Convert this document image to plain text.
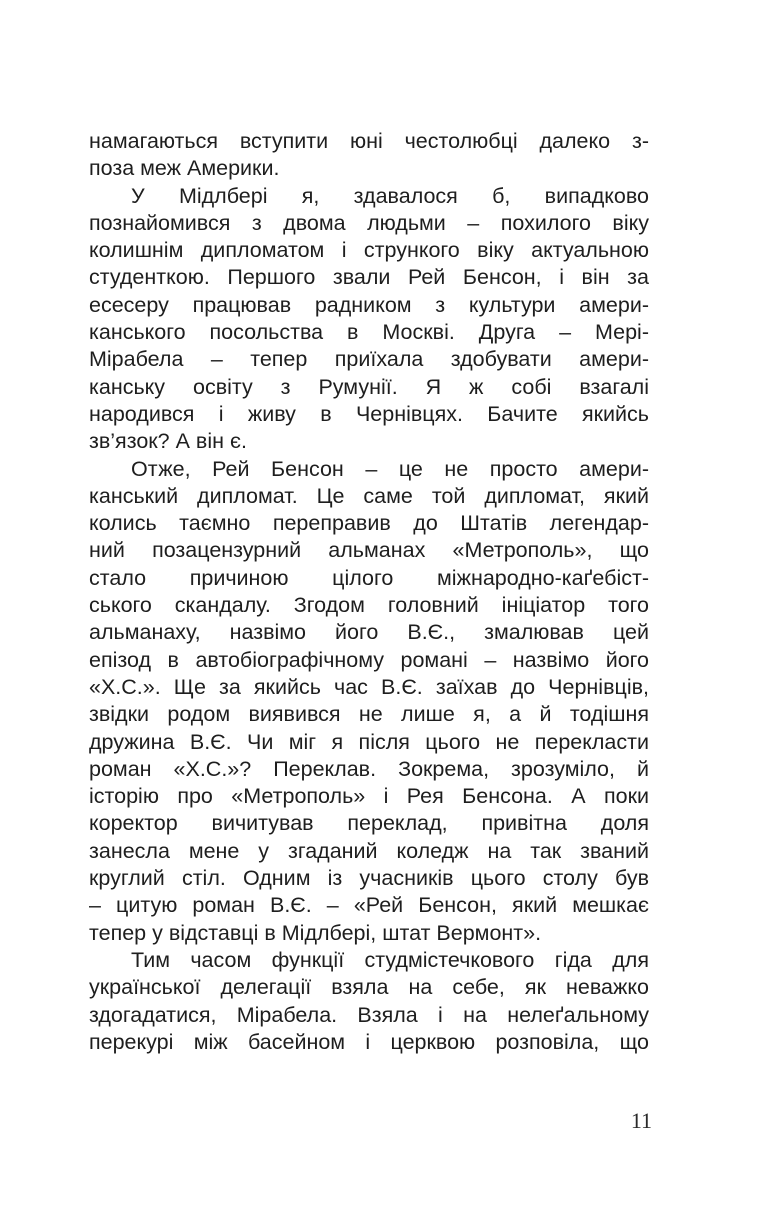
намагаються вступити юні честолюбці далеко з-
поза меж Америки.
У Мідлбері я, здавалося б, випадково
познайомився з двома людьми – похилого віку
колишнім дипломатом і стрункого віку актуальною
студенткою. Першого звали Рей Бенсон, і він за
есесеру працював радником з культури амери-
канського посольства в Москві. Друга – Мері-
Мірабела – тепер приїхала здобувати амери-
канську освіту з Румунії. Я ж собі взагалі
народився і живу в Чернівцях. Бачите якийсь
зв’язок? А він є.
Отже, Рей Бенсон – це не просто амери-
канський дипломат. Це саме той дипломат, який
колись таємно переправив до Штатів легендар-
ний позацензурний альманах «Метрополь», що
стало причиною цілого міжнародно-каґебіст-
ського скандалу. Згодом головний ініціатор того
альманаху, назвімо його В.Є., змалював цей
епізод в автобіографічному романі – назвімо його
«Х.С.». Ще за якийсь час В.Є. заїхав до Чернівців,
звідки родом виявився не лише я, а й тодішня
дружина В.Є. Чи міг я після цього не перекласти
роман «Х.С.»? Переклав. Зокрема, зрозуміло, й
історію про «Метрополь» і Рея Бенсона. А поки
коректор вичитував переклад, привітна доля
занесла мене у згаданий коледж на так званий
круглий стіл. Одним із учасників цього столу був
– цитую роман В.Є. – «Рей Бенсон, який мешкає
тепер у відставці в Мідлбері, штат Вермонт».
Тим часом функції студмістечкового гіда для
української делегації взяла на себе, як неважко
здогадатися, Мірабела. Взяла і на нелеґальному
перекурі між басейном і церквою розповіла, що
11
